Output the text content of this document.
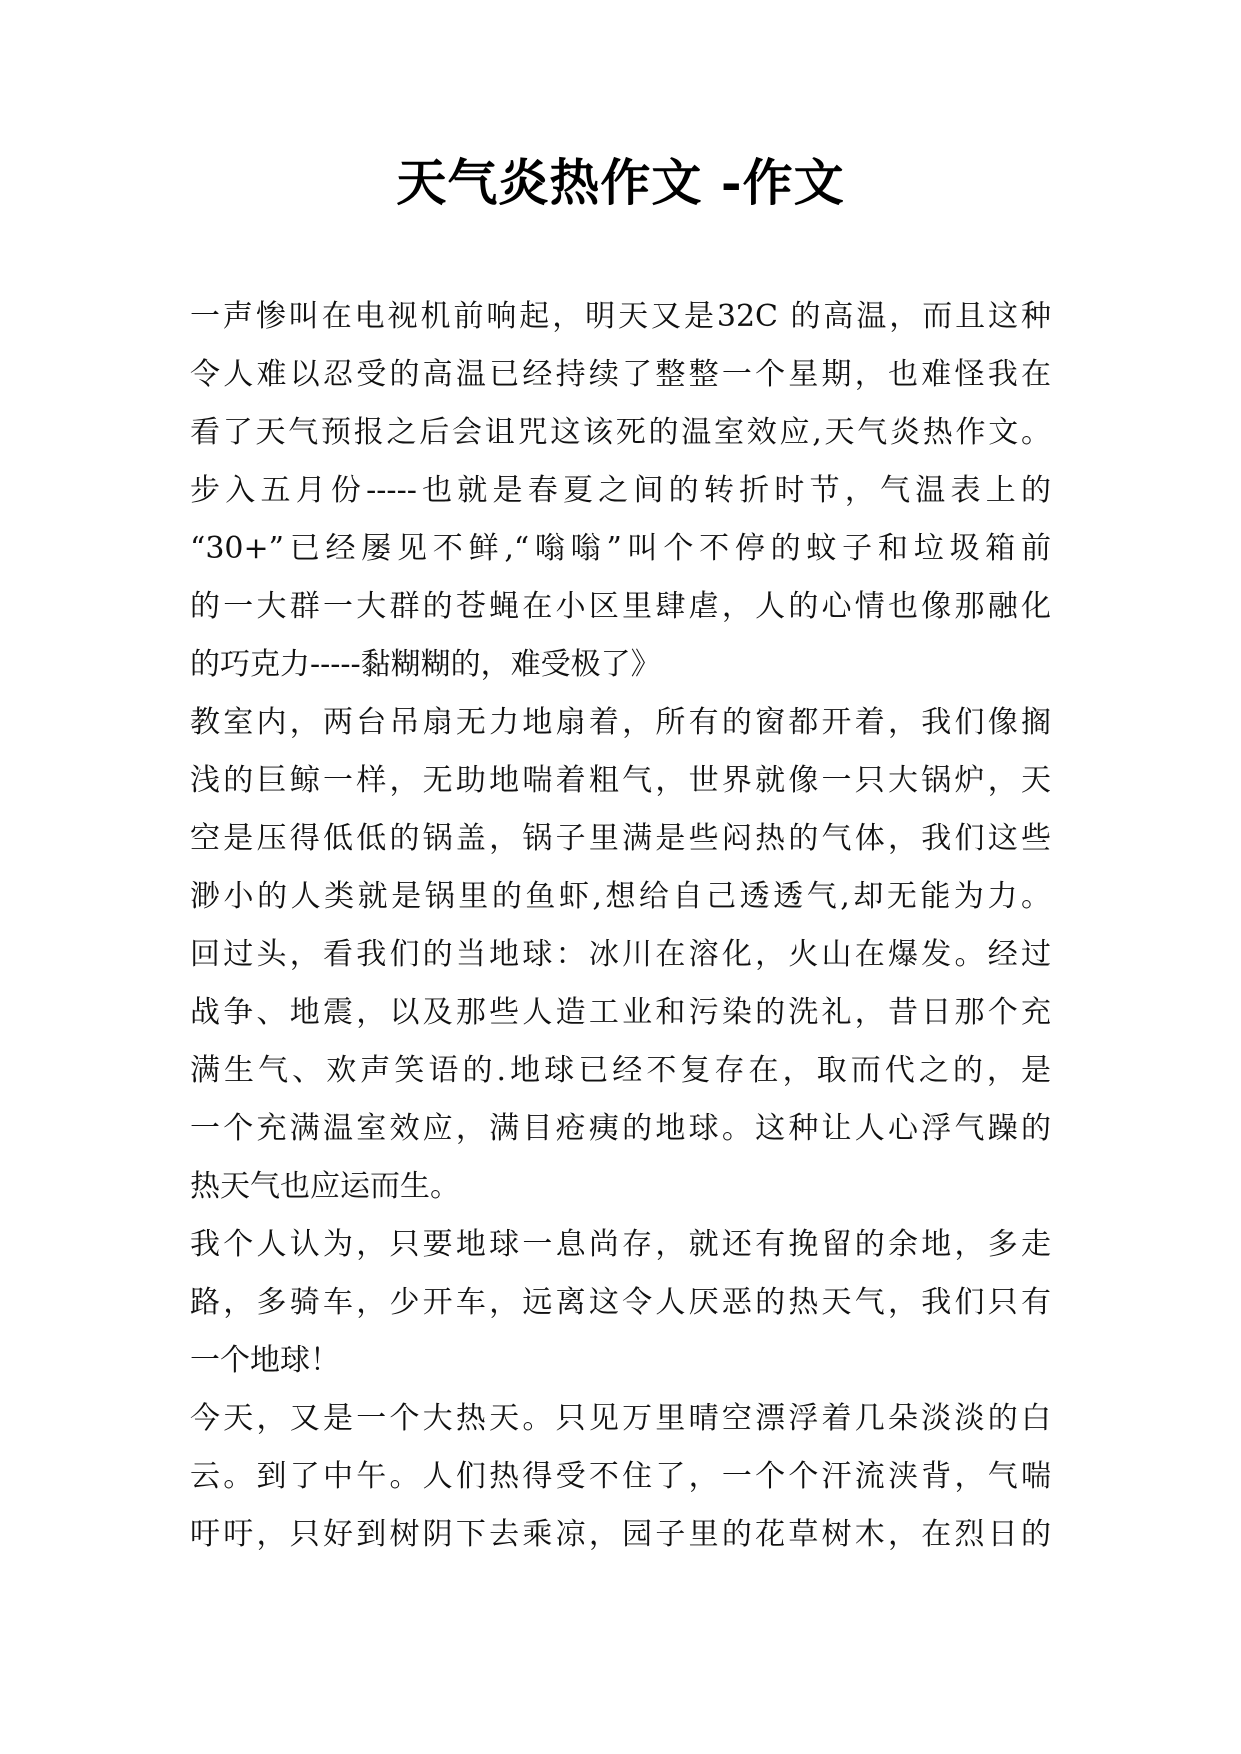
天气炎热作文 -作文
一声惨叫在电视机前响起，明天又是32C 的高温，而且这种
令人难以忍受的高温已经持续了整整一个星期，也难怪我在
看了天气预报之后会诅咒这该死的温室效应,天气炎热作文。
步入五月份-----也就是春夏之间的转折时节，气温表上的
“30+”已经屡见不鲜,“嗡嗡”叫个不停的蚊子和垃圾箱前
的一大群一大群的苍蝇在小区里肆虐，人的心情也像那融化
的巧克力-----黏糊糊的，难受极了》
教室内，两台吊扇无力地扇着，所有的窗都开着，我们像搁
浅的巨鲸一样，无助地喘着粗气，世界就像一只大锅炉，天
空是压得低低的锅盖，锅子里满是些闷热的气体，我们这些
渺小的人类就是锅里的鱼虾,想给自己透透气,却无能为力。
回过头，看我们的当地球：冰川在溶化，火山在爆发。经过
战争、地震，以及那些人造工业和污染的洗礼，昔日那个充
满生气、欢声笑语的.地球已经不复存在，取而代之的，是
一个充满温室效应，满目疮痍的地球。这种让人心浮气躁的
热天气也应运而生。
我个人认为，只要地球一息尚存，就还有挽留的余地，多走
路，多骑车，少开车，远离这令人厌恶的热天气，我们只有
一个地球！
今天，又是一个大热天。只见万里晴空漂浮着几朵淡淡的白
云。到了中午。人们热得受不住了，一个个汗流浃背，气喘
吁吁，只好到树阴下去乘凉，园子里的花草树木，在烈日的
